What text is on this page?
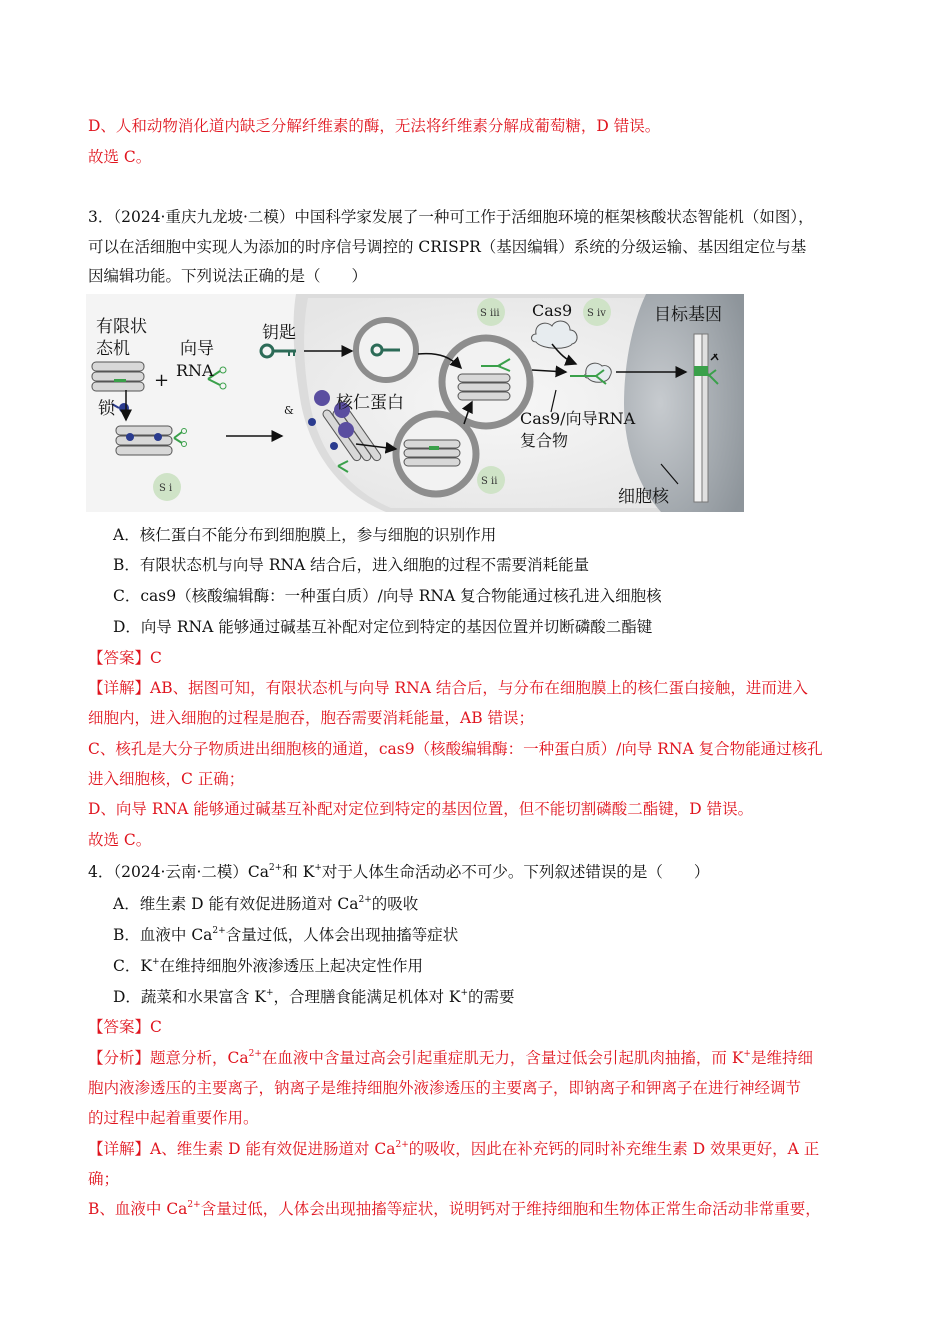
D、人和动物消化道内缺乏分解纤维素的酶，无法将纤维素分解成葡萄糖，D 错误。
故选 C。
3．（2024·重庆九龙坡·二模）中国科学家发展了一种可工作于活细胞环境的框架核酸状态智能机（如图），
可以在活细胞中实现人为添加的时序信号调控的 CRISPR（基因编辑）系统的分级运输、基因组定位与基
因编辑功能。下列说法正确的是（　　）
有限状
态机	向导
RNA
+
锁
钥匙
核仁蛋白
&
Cas9
Cas9/向导RNA
复合物
目标基因
细胞核
S i
S ii
S iii	S iv
A．核仁蛋白不能分布到细胞膜上，参与细胞的识别作用
B．有限状态机与向导 RNA 结合后，进入细胞的过程不需要消耗能量
C．cas9（核酸编辑酶：一种蛋白质）/向导 RNA 复合物能通过核孔进入细胞核
D．向导 RNA 能够通过碱基互补配对定位到特定的基因位置并切断磷酸二酯键
【答案】C
【详解】AB、据图可知，有限状态机与向导 RNA 结合后，与分布在细胞膜上的核仁蛋白接触，进而进入
细胞内，进入细胞的过程是胞吞，胞吞需要消耗能量，AB 错误；
C、核孔是大分子物质进出细胞核的通道，cas9（核酸编辑酶：一种蛋白质）/向导 RNA 复合物能通过核孔
进入细胞核，C 正确；
D、向导 RNA 能够通过碱基互补配对定位到特定的基因位置，但不能切割磷酸二酯键，D 错误。
故选 C。
4．（2024·云南·二模）$Ca^{2+}$和 K+对于人体生命活动必不可少。下列叙述错误的是（　　）
A．维生素 D 能有效促进肠道对 $Ca^{2+}$的吸收
B．血液中 $Ca^{2+}$含量过低，人体会出现抽搐等症状
C．K+在维持细胞外液渗透压上起决定性作用
D．蔬菜和水果富含 K+，合理膳食能满足机体对 K+的需要
【答案】C
【分析】题意分析，$Ca^{2+}$在血液中含量过高会引起重症肌无力，含量过低会引起肌肉抽搐，而 K+是维持细
胞内液渗透压的主要离子，钠离子是维持细胞外液渗透压的主要离子，即钠离子和钾离子在进行神经调节
的过程中起着重要作用。
【详解】A、维生素 D 能有效促进肠道对 $Ca^{2+}$的吸收，因此在补充钙的同时补充维生素 D 效果更好，A 正
确；
B、血液中 $Ca^{2+}$含量过低，人体会出现抽搐等症状，说明钙对于维持细胞和生物体正常生命活动非常重要，
